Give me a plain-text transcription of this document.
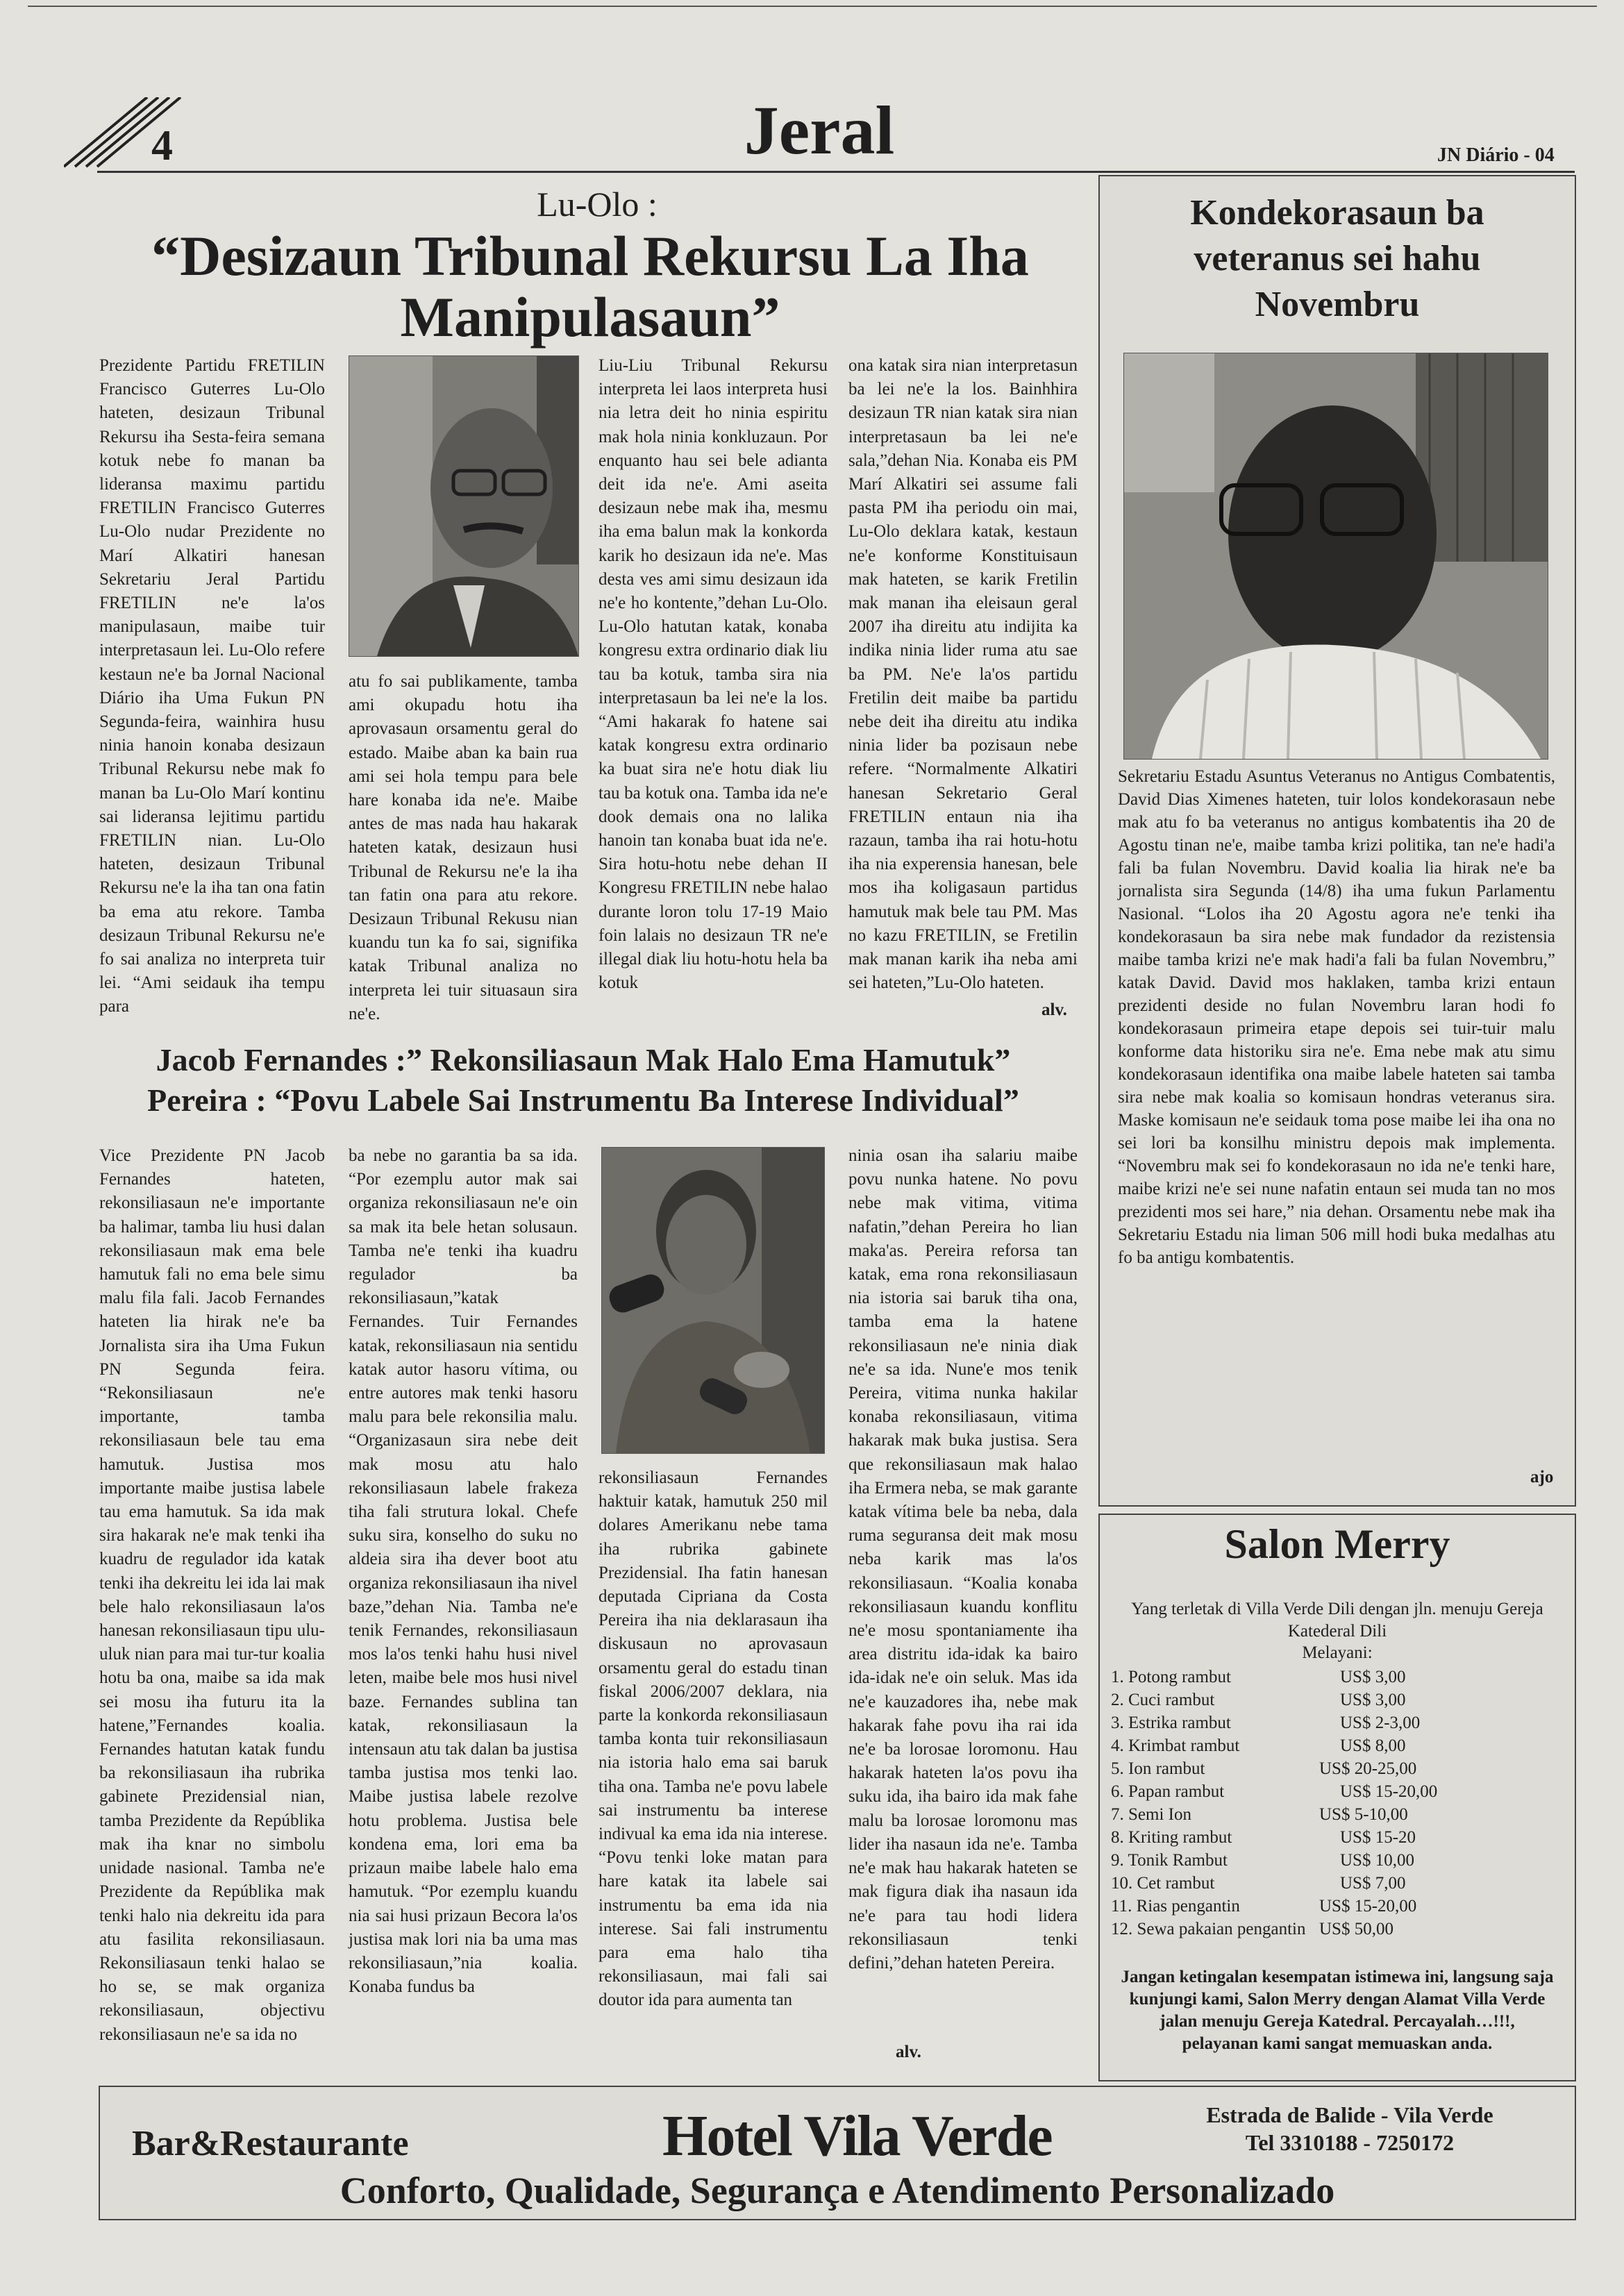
4	Jeral	JN Diário - 04
Lu-Olo :
“Desizaun Tribunal Rekursu La Iha Manipulasaun”

Prezidente Partidu FRETILIN Francisco Guterres Lu-Olo hateten, desizaun Tribunal Rekursu iha Sesta-feira semana kotuk nebe fo manan ba lideransa maximu partidu FRETILIN Francisco Guterres Lu-Olo nudar Prezidente no Marí Alkatiri hanesan Sekretariu Jeral Partidu FRETILIN ne'e la'os manipulasaun, maibe tuir interpretasaun lei. Lu-Olo refere kestaun ne'e ba Jornal Nacional Diário iha Uma Fukun PN Segunda-feira, wainhira husu ninia hanoin konaba desizaun Tribunal Rekursu nebe mak fo manan ba Lu-Olo Marí kontinu sai lideransa lejitimu partidu FRETILIN nian. Lu-Olo hateten, desizaun Tribunal Rekursu ne'e la iha tan ona fatin ba ema atu rekore. Tamba desizaun Tribunal Rekursu ne'e fo sai analiza no interpreta tuir lei. “Ami seidauk iha tempu para

atu fo sai publikamente, tamba ami okupadu hotu iha aprovasaun orsamentu geral do estado. Maibe aban ka bain rua ami sei hola tempu para bele hare konaba ida ne'e. Maibe antes de mas nada hau hakarak hateten katak, desizaun husi Tribunal de Rekursu ne'e la iha tan fatin ona para atu rekore. Desizaun Tribunal Rekusu nian kuandu tun ka fo sai, signifika katak Tribunal analiza no interpreta lei tuir situasaun sira ne'e.

Liu-Liu Tribunal Rekursu interpreta lei laos interpreta husi nia letra deit ho ninia espiritu mak hola ninia konkluzaun. Por enquanto hau sei bele adianta deit ida ne'e. Ami aseita desizaun nebe mak iha, mesmu iha ema balun mak la konkorda karik ho desizaun ida ne'e. Mas desta ves ami simu desizaun ida ne'e ho kontente,”dehan Lu-Olo. Lu-Olo hatutan katak, konaba kongresu extra ordinario diak liu tau ba kotuk, tamba sira nia interpretasaun ba lei ne'e la los. “Ami hakarak fo hatene sai katak kongresu extra ordinario ka buat sira ne'e hotu diak liu tau ba kotuk ona. Tamba ida ne'e dook demais ona no lalika hanoin tan konaba buat ida ne'e. Sira hotu-hotu nebe dehan II Kongresu FRETILIN nebe halao durante loron tolu 17-19 Maio foin lalais no desizaun TR ne'e illegal diak liu hotu-hotu hela ba kotuk

ona katak sira nian interpretasun ba lei ne'e la los. Bainhhira desizaun TR nian katak sira nian interpretasaun ba lei ne'e sala,”dehan Nia. Konaba eis PM Marí Alkatiri sei assume fali pasta PM iha periodu oin mai, Lu-Olo deklara katak, kestaun ne'e konforme Konstituisaun mak hateten, se karik Fretilin mak manan iha eleisaun geral 2007 iha direitu atu indijita ka indika ninia lider ruma atu sae ba PM. Ne'e la'os partidu Fretilin deit maibe ba partidu nebe deit iha direitu atu indika ninia lider ba pozisaun nebe refere. “Normalmente Alkatiri hanesan Sekretario Geral FRETILIN entaun nia iha razaun, tamba iha rai hotu-hotu iha nia experensia hanesan, bele mos iha koligasaun partidus hamutuk mak bele tau PM. Mas no kazu FRETILIN, se Fretilin mak manan karik iha neba ami sei hateten,”Lu-Olo hateten.

alv.
Jacob Fernandes :” Rekonsiliasaun Mak Halo Ema Hamutuk”
Pereira : “Povu Labele Sai Instrumentu Ba Interese Individual”

Vice Prezidente PN Jacob Fernandes hateten, rekonsiliasaun ne'e importante ba halimar, tamba liu husi dalan rekonsiliasaun mak ema bele hamutuk fali no ema bele simu malu fila fali. Jacob Fernandes hateten lia hirak ne'e ba Jornalista sira iha Uma Fukun PN Segunda feira. “Rekonsiliasaun ne'e importante, tamba rekonsiliasaun bele tau ema hamutuk. Justisa mos importante maibe justisa labele tau ema hamutuk. Sa ida mak sira hakarak ne'e mak tenki iha kuadru de regulador ida katak tenki iha dekreitu lei ida lai mak bele halo rekonsiliasaun la'os hanesan rekonsiliasaun tipu ulu-uluk nian para mai tur-tur koalia hotu ba ona, maibe sa ida mak sei mosu iha futuru ita la hatene,”Fernandes koalia. Fernandes hatutan katak fundu ba rekonsiliasaun iha rubrika gabinete Prezidensial nian, tamba Prezidente da Repúblika mak iha knar no simbolu unidade nasional. Tamba ne'e Prezidente da Repúblika mak tenki halo nia dekreitu ida para atu fasilita rekonsiliasaun. Rekonsiliasaun tenki halao se ho se, se mak organiza rekonsiliasaun, objectivu rekonsiliasaun ne'e sa ida no

ba nebe no garantia ba sa ida. “Por ezemplu autor mak sai organiza rekonsiliasaun ne'e oin sa mak ita bele hetan solusaun. Tamba ne'e tenki iha kuadru regulador ba rekonsiliasaun,”katak Fernandes. Tuir Fernandes katak, rekonsiliasaun nia sentidu katak autor hasoru vítima, ou entre autores mak tenki hasoru malu para bele rekonsilia malu. “Organizasaun sira nebe deit mak mosu atu halo rekonsiliasaun labele frakeza tiha fali strutura lokal. Chefe suku sira, konselho do suku no aldeia sira iha dever boot atu organiza rekonsiliasaun iha nivel baze,”dehan Nia. Tamba ne'e tenik Fernandes, rekonsiliasaun mos la'os tenki hahu husi nivel leten, maibe bele mos husi nivel baze. Fernandes sublina tan katak, rekonsiliasaun la intensaun atu tak dalan ba justisa tamba justisa mos tenki lao. Maibe justisa labele rezolve hotu problema. Justisa bele kondena ema, lori ema ba prizaun maibe labele halo ema hamutuk. “Por ezemplu kuandu nia sai husi prizaun Becora la'os justisa mak lori nia ba uma mas rekonsiliasaun,”nia koalia. Konaba fundus ba

rekonsiliasaun Fernandes haktuir katak, hamutuk 250 mil dolares Amerikanu nebe tama iha rubrika gabinete Prezidensial. Iha fatin hanesan deputada Cipriana da Costa Pereira iha nia deklarasaun iha diskusaun no aprovasaun orsamentu geral do estadu tinan fiskal 2006/2007 deklara, nia parte la konkorda rekonsiliasaun tamba konta tuir rekonsiliasaun nia istoria halo ema sai baruk tiha ona. Tamba ne'e povu labele sai instrumentu ba interese indivual ka ema ida nia interese. “Povu tenki loke matan para hare katak ita labele sai instrumentu ba ema ida nia interese. Sai fali instrumentu para ema halo tiha rekonsiliasaun, mai fali sai doutor ida para aumenta tan

ninia osan iha salariu maibe povu nunka hatene. No povu nebe mak vitima, vitima nafatin,”dehan Pereira ho lian maka'as. Pereira reforsa tan katak, ema rona rekonsiliasaun nia istoria sai baruk tiha ona, tamba ema la hatene rekonsiliasaun ne'e ninia diak ne'e sa ida. Nune'e mos tenik Pereira, vitima nunka hakilar konaba rekonsiliasaun, vitima hakarak mak buka justisa. Sera que rekonsiliasaun mak halao iha Ermera neba, se mak garante katak vítima bele ba neba, dala ruma seguransa deit mak mosu neba karik mas la'os rekonsiliasaun. “Koalia konaba rekonsiliasaun kuandu konflitu ne'e mosu spontaniamente iha area distritu ida-idak ka bairo ida-idak ne'e oin seluk. Mas ida ne'e kauzadores iha, nebe mak hakarak fahe povu iha rai ida ne'e ba lorosae loromonu. Hau hakarak hateten la'os povu iha suku ida, iha bairo ida mak fahe malu ba lorosae loromonu mas lider iha nasaun ida ne'e. Tamba ne'e mak hau hakarak hateten se mak figura diak iha nasaun ida ne'e para tau hodi lidera rekonsiliasaun tenki defini,”dehan hateten Pereira.

alv.
Kondekorasaun ba veteranus sei hahu Novembru

Sekretariu Estadu Asuntus Veteranus no Antigus Combatentis, David Dias Ximenes hateten, tuir lolos kondekorasaun nebe mak atu fo ba veteranus no antigus kombatentis iha 20 de Agostu tinan ne'e, maibe tamba krizi politika, tan ne'e hadi'a fali ba fulan Novembru. David koalia lia hirak ne'e ba jornalista sira Segunda (14/8) iha uma fukun Parlamentu Nasional. “Lolos iha 20 Agostu agora ne'e tenki iha kondekorasaun ba sira nebe mak fundador da rezistensia maibe tamba krizi ne'e mak hadi'a fali ba fulan Novembru,” katak David. David mos haklaken, tamba krizi entaun prezidenti deside no fulan Novembru laran hodi fo kondekorasaun primeira etape depois sei tuir-tuir malu konforme data historiku sira ne'e. Ema nebe mak atu simu kondekorasaun identifika ona maibe labele hateten sai tamba sira nebe mak koalia so komisaun hondras veteranus sira. Maske komisaun ne'e seidauk toma pose maibe lei iha ona no sei lori ba konsilhu ministru depois mak implementa. “Novembru mak sei fo kondekorasaun no ida ne'e tenki hare, maibe krizi ne'e sei nune nafatin entaun sei muda tan no mos prezidenti mos sei hare,” nia dehan. Orsamentu nebe mak iha Sekretariu Estadu nia liman 506 mill hodi buka medalhas atu fo ba antigu kombatentis.

ajo
Salon Merry
Yang terletak di Villa Verde Dili dengan jln. menuju Gereja Katederal Dili
Melayani:
1. Potong rambut	US$ 3,00
2. Cuci rambut	US$ 3,00
3. Estrika rambut	US$ 2-3,00
4. Krimbat rambut	US$ 8,00
5. Ion rambut	US$ 20-25,00
6. Papan rambut	US$ 15-20,00
7. Semi Ion	US$ 5-10,00
8. Kriting rambut	US$ 15-20
9. Tonik Rambut	US$ 10,00
10. Cet rambut	US$ 7,00
11. Rias pengantin	US$ 15-20,00
12. Sewa pakaian pengantin US$ 50,00
Jangan ketingalan kesempatan istimewa ini, langsung saja kunjungi kami, Salon Merry dengan Alamat Villa Verde jalan menuju Gereja Katedral. Percayalah…!!!, pelayanan kami sangat memuaskan anda.
Bar&Restaurante	Hotel Vila Verde	Estrada de Balide - Vila Verde
Tel 3310188 - 7250172
Conforto, Qualidade, Segurança e Atendimento Personalizado
